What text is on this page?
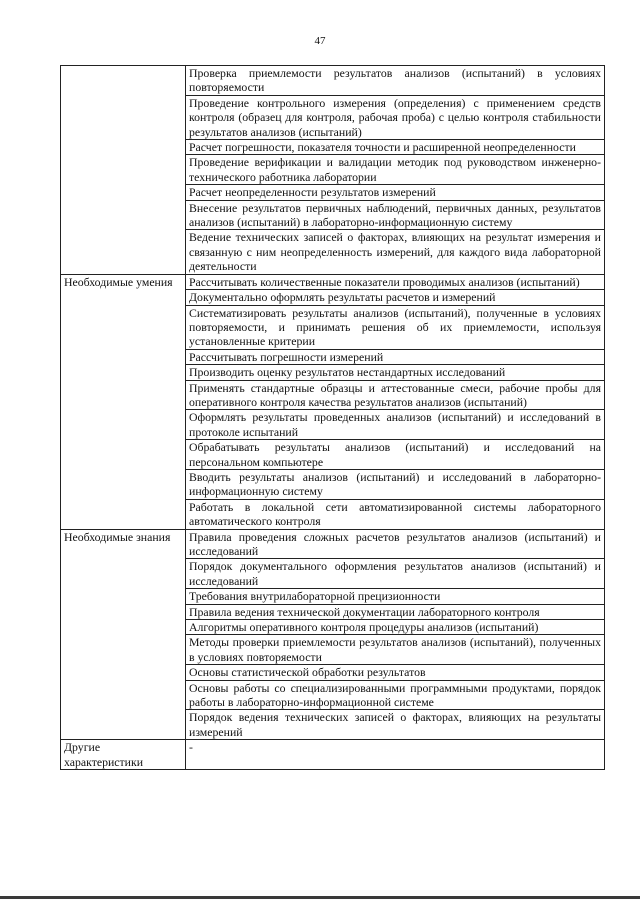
47
	Проверка приемлемости результатов анализов (испытаний) в условиях повторяемости
	Проведение контрольного измерения (определения) с применением средств контроля (образец для контроля, рабочая проба) с целью контроля стабильности результатов анализов (испытаний)
	Расчет погрешности, показателя точности и расширенной неопределенности
	Проведение верификации и валидации методик под руководством инженерно-технического работника лаборатории
	Расчет неопределенности результатов измерений
	Внесение результатов первичных наблюдений, первичных данных, результатов анализов (испытаний) в лабораторно-информационную систему
	Ведение технических записей о факторах, влияющих на результат измерения и связанную с ним неопределенность измерений, для каждого вида лабораторной деятельности
Необходимые умения	Рассчитывать количественные показатели проводимых анализов (испытаний)
	Документально оформлять результаты расчетов и измерений
	Систематизировать результаты анализов (испытаний), полученные в условиях повторяемости, и принимать решения об их приемлемости, используя установленные критерии
	Рассчитывать погрешности измерений
	Производить оценку результатов нестандартных исследований
	Применять стандартные образцы и аттестованные смеси, рабочие пробы для оперативного контроля качества результатов анализов (испытаний)
	Оформлять результаты проведенных анализов (испытаний) и исследований в протоколе испытаний
	Обрабатывать результаты анализов (испытаний) и исследований на персональном компьютере
	Вводить результаты анализов (испытаний) и исследований в лабораторно-информационную систему
	Работать в локальной сети автоматизированной системы лабораторного автоматического контроля
Необходимые знания	Правила проведения сложных расчетов результатов анализов (испытаний) и исследований
	Порядок документального оформления результатов анализов (испытаний) и исследований
	Требования внутрилабораторной прецизионности
	Правила ведения технической документации лабораторного контроля
	Алгоритмы оперативного контроля процедуры анализов (испытаний)
	Методы проверки приемлемости результатов анализов (испытаний), полученных в условиях повторяемости
	Основы статистической обработки результатов
	Основы работы со специализированными программными продуктами, порядок работы в лабораторно-информационной системе
	Порядок ведения технических записей о факторах, влияющих на результаты измерений
Другие характеристики	-
